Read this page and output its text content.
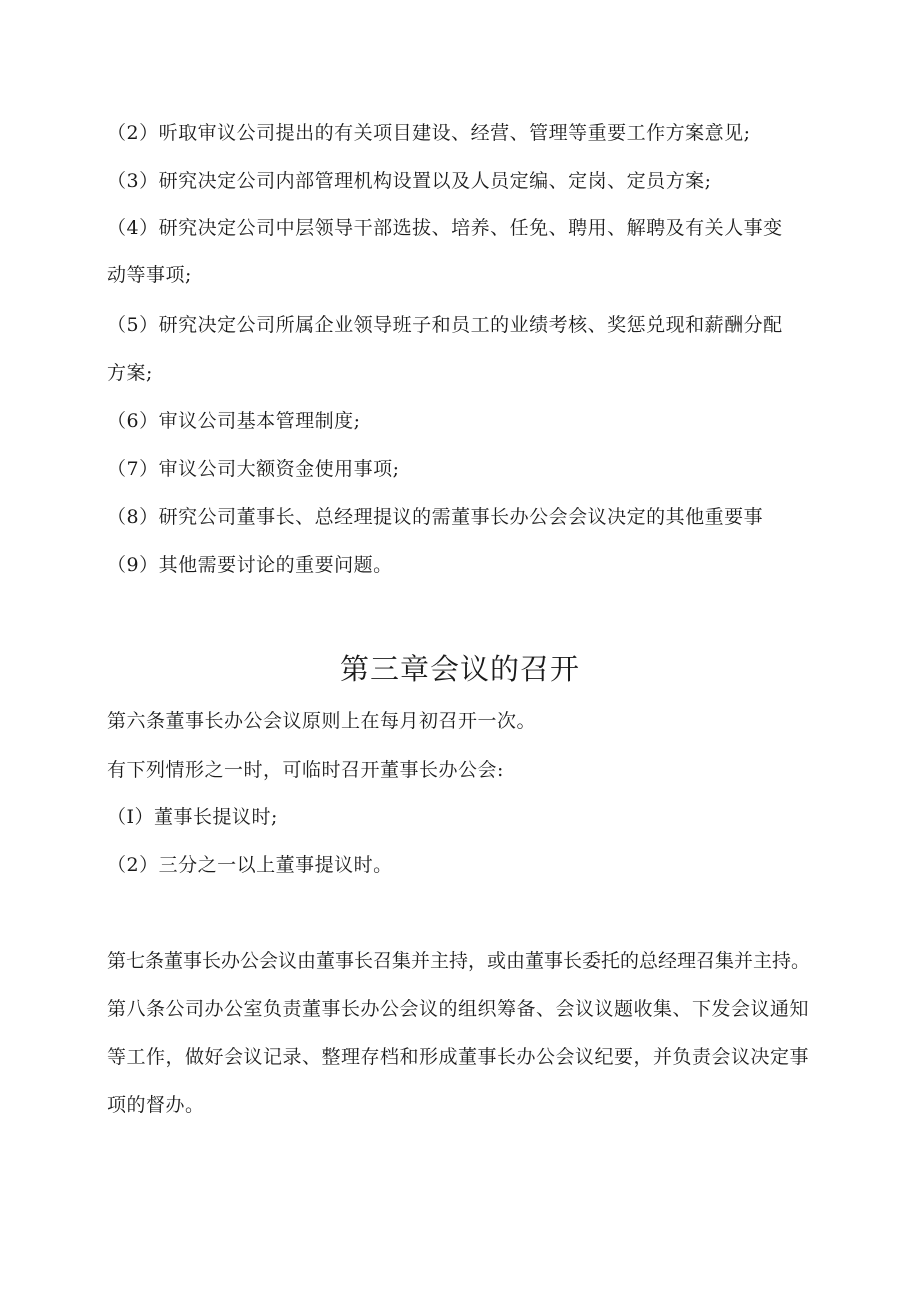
（2）听取审议公司提出的有关项目建设、经营、管理等重要工作方案意见;
（3）研究决定公司内部管理机构设置以及人员定编、定岗、定员方案;
（4）研究决定公司中层领导干部选拔、培养、任免、聘用、解聘及有关人事变
动等事项;
（5）研究决定公司所属企业领导班子和员工的业绩考核、奖惩兑现和薪酬分配
方案;
（6）审议公司基本管理制度;
（7）审议公司大额资金使用事项;
（8）研究公司董事长、总经理提议的需董事长办公会会议决定的其他重要事
（9）其他需要讨论的重要问题。
第三章会议的召开
第六条董事长办公会议原则上在每月初召开一次。
有下列情形之一时，可临时召开董事长办公会:
（I）董事长提议时;
（2）三分之一以上董事提议时。
第七条董事长办公会议由董事长召集并主持，或由董事长委托的总经理召集并主持。
第八条公司办公室负责董事长办公会议的组织筹备、会议议题收集、下发会议通知
等工作，做好会议记录、整理存档和形成董事长办公会议纪要，并负责会议决定事
项的督办。
